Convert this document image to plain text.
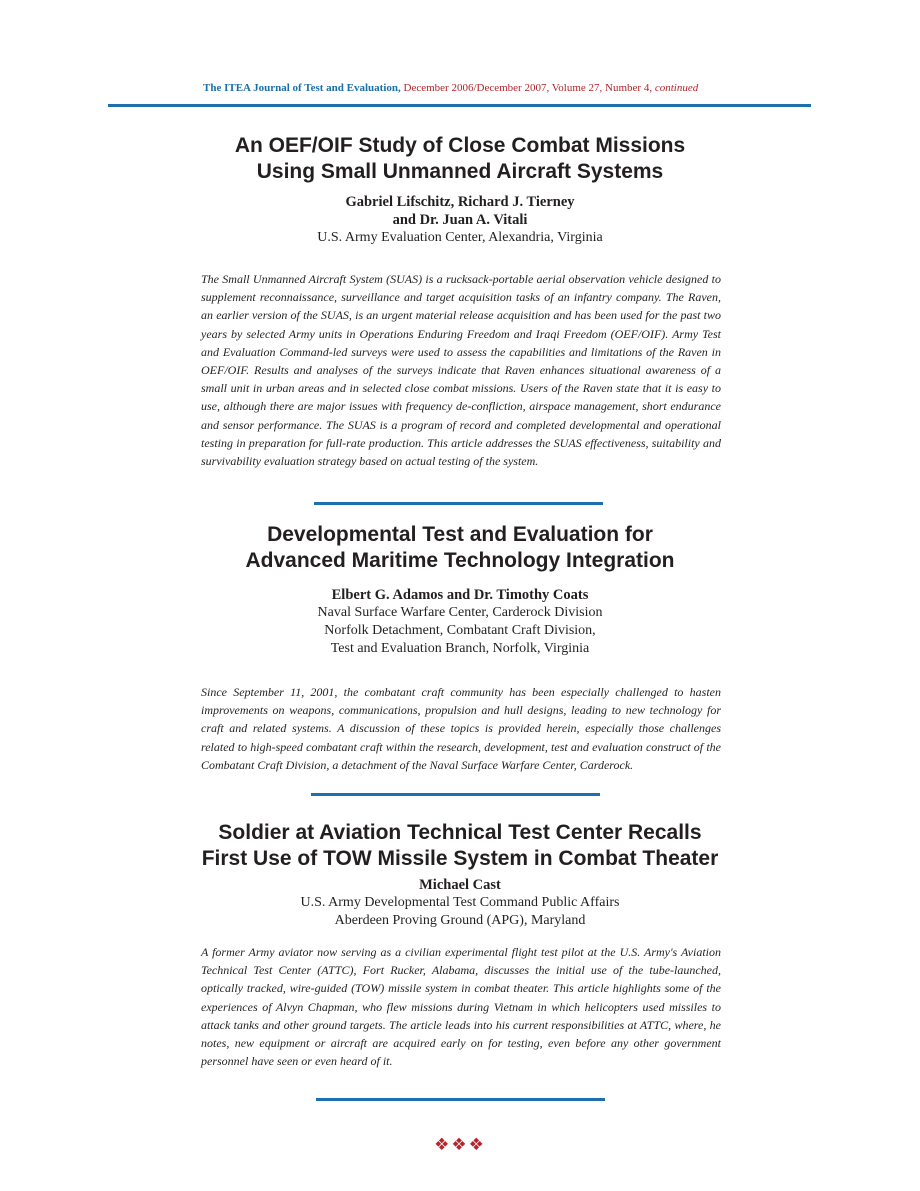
The ITEA Journal of Test and Evaluation, December 2006/December 2007, Volume 27, Number 4, continued
An OEF/OIF Study of Close Combat Missions
Using Small Unmanned Aircraft Systems
Gabriel Lifschitz, Richard J. Tierney
and Dr. Juan A. Vitali
U.S. Army Evaluation Center, Alexandria, Virginia
The Small Unmanned Aircraft System (SUAS) is a rucksack-portable aerial observation vehicle designed to supplement reconnaissance, surveillance and target acquisition tasks of an infantry company. The Raven, an earlier version of the SUAS, is an urgent material release acquisition and has been used for the past two years by selected Army units in Operations Enduring Freedom and Iraqi Freedom (OEF/OIF). Army Test and Evaluation Command-led surveys were used to assess the capabilities and limitations of the Raven in OEF/OIF. Results and analyses of the surveys indicate that Raven enhances situational awareness of a small unit in urban areas and in selected close combat missions. Users of the Raven state that it is easy to use, although there are major issues with frequency de-confliction, airspace management, short endurance and sensor performance. The SUAS is a program of record and completed developmental and operational testing in preparation for full-rate production. This article addresses the SUAS effectiveness, suitability and survivability evaluation strategy based on actual testing of the system.
Developmental Test and Evaluation for
Advanced Maritime Technology Integration
Elbert G. Adamos and Dr. Timothy Coats
Naval Surface Warfare Center, Carderock Division
Norfolk Detachment, Combatant Craft Division,
Test and Evaluation Branch, Norfolk, Virginia
Since September 11, 2001, the combatant craft community has been especially challenged to hasten improvements on weapons, communications, propulsion and hull designs, leading to new technology for craft and related systems. A discussion of these topics is provided herein, especially those challenges related to high-speed combatant craft within the research, development, test and evaluation construct of the Combatant Craft Division, a detachment of the Naval Surface Warfare Center, Carderock.
Soldier at Aviation Technical Test Center Recalls
First Use of TOW Missile System in Combat Theater
Michael Cast
U.S. Army Developmental Test Command Public Affairs
Aberdeen Proving Ground (APG), Maryland
A former Army aviator now serving as a civilian experimental flight test pilot at the U.S. Army's Aviation Technical Test Center (ATTC), Fort Rucker, Alabama, discusses the initial use of the tube-launched, optically tracked, wire-guided (TOW) missile system in combat theater. This article highlights some of the experiences of Alvyn Chapman, who flew missions during Vietnam in which helicopters used missiles to attack tanks and other ground targets. The article leads into his current responsibilities at ATTC, where, he notes, new equipment or aircraft are acquired early on for testing, even before any other government personnel have seen or even heard of it.
❖❖❖
